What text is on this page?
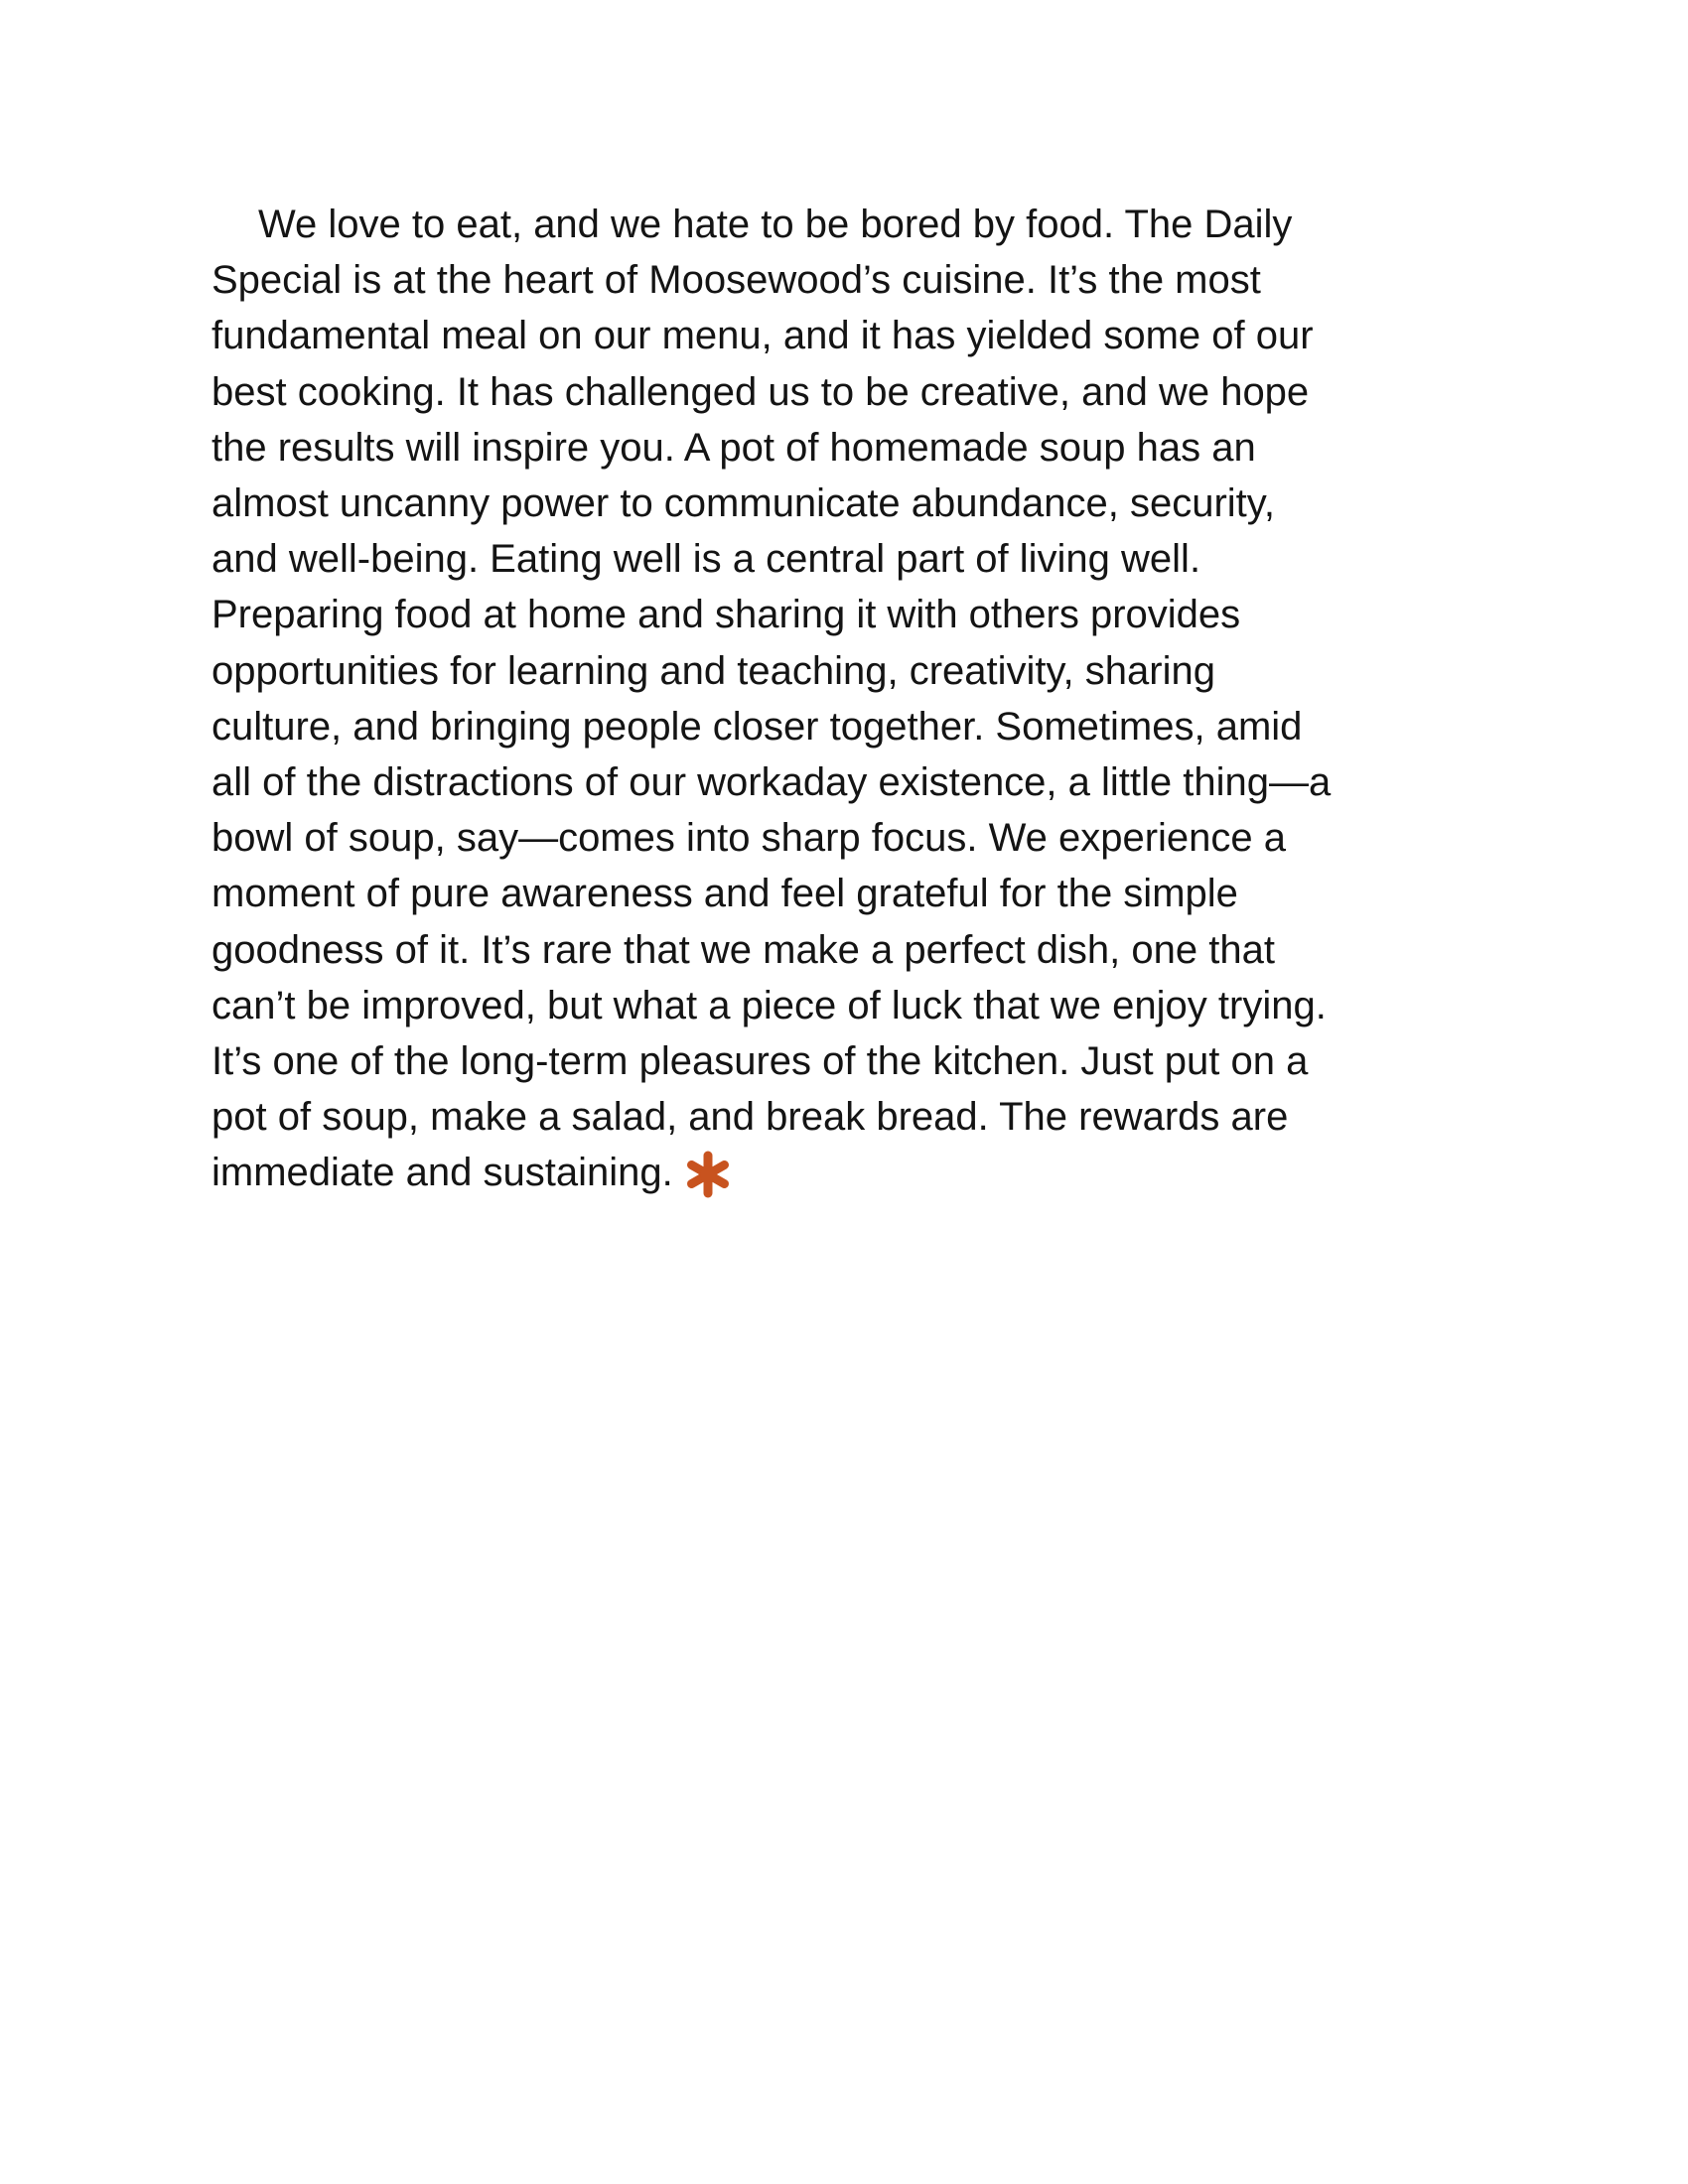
We love to eat, and we hate to be bored by food. The Daily
Special is at the heart of Moosewood’s cuisine. It’s the most
fundamental meal on our menu, and it has yielded some of our
best cooking. It has challenged us to be creative, and we hope
the results will inspire you. A pot of homemade soup has an
almost uncanny power to communicate abundance, security,
and well-being. Eating well is a central part of living well.
Preparing food at home and sharing it with others provides
opportunities for learning and teaching, creativity, sharing
culture, and bringing people closer together. Sometimes, amid
all of the distractions of our workaday existence, a little thing—a
bowl of soup, say—comes into sharp focus. We experience a
moment of pure awareness and feel grateful for the simple
goodness of it. It’s rare that we make a perfect dish, one that
can’t be improved, but what a piece of luck that we enjoy trying.
It’s one of the long-term pleasures of the kitchen. Just put on a
pot of soup, make a salad, and break bread. The rewards are
immediate and sustaining.
